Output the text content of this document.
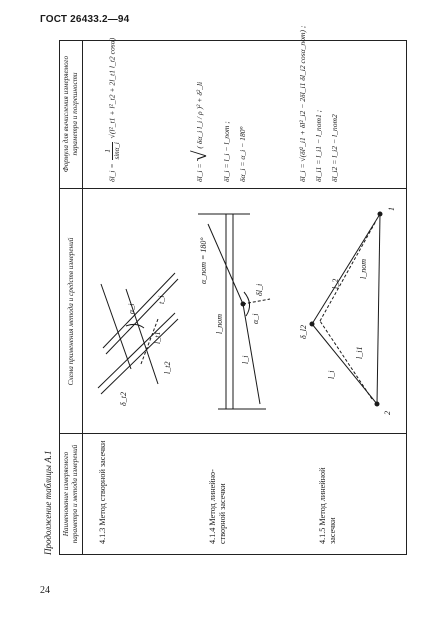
ГОСТ 26433.2—94
Продолжение таблицы А.1 Наименование измеряемого параметра и метода измерений
Схема применения метода и средств измерений
Формула для вычисления измеряемого параметра и погрешности
4.1.3 Метод створной засечки
δ_t2
α_i
l_t1
l_t2
t_i
δl_i =
1 sinα_i
√(l²_t1 + l²_t2 + 2l_t1 l_t2 cosα)
4.1.4 Метод линейно-створной засечки
α_nom = 180°
δl_i
α_i
l_nom
l_i
δl_i = √ ( δα_i l_i / ρ )² + δ²_li
δl_i = l_i − l_nom ; δα_i = α_i − 180°
4.1.5 Метод линейной засечки
l_nom
δ_l2
l_2
l_i
l_i1
2
1
δl_i = √(δl²_i1 + δl²_i2 − 2δl_i1 δl_i2 cosα_nom) ; δl_i1 = l_i1 − l_nom1 ; δl_i2 = l_i2 − l_nom2
24
